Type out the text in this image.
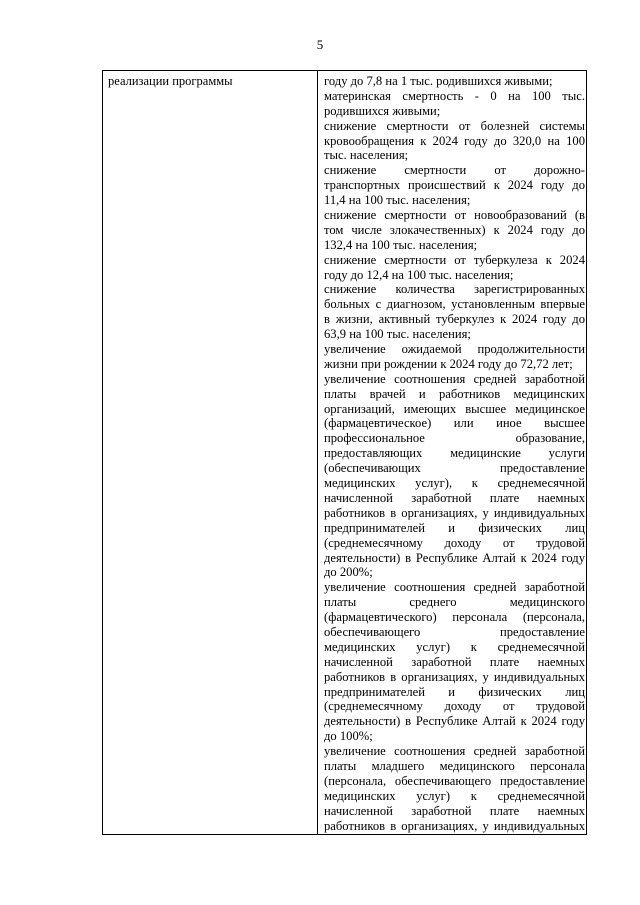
5
реализации программы	году до 7,8 на 1 тыс. родившихся живыми;
материнская смертность - 0 на 100 тыс.
родившихся живыми;
снижение смертности от болезней системы
кровообращения к 2024 году до 320,0 на 100
тыс. населения;
снижение смертности от дорожно-
транспортных происшествий к 2024 году до
11,4 на 100 тыс. населения;
снижение смертности от новообразований (в
том числе злокачественных) к 2024 году до
132,4 на 100 тыс. населения;
снижение смертности от туберкулеза к 2024
году до 12,4 на 100 тыс. населения;
снижение количества зарегистрированных
больных с диагнозом, установленным впервые
в жизни, активный туберкулез к 2024 году до
63,9 на 100 тыс. населения;
увеличение ожидаемой продолжительности
жизни при рождении к 2024 году до 72,72 лет;
увеличение соотношения средней заработной
платы врачей и работников медицинских
организаций, имеющих высшее медицинское
(фармацевтическое) или иное высшее
профессиональное образование,
предоставляющих медицинские услуги
(обеспечивающих предоставление
медицинских услуг), к среднемесячной
начисленной заработной плате наемных
работников в организациях, у индивидуальных
предпринимателей и физических лиц
(среднемесячному доходу от трудовой
деятельности) в Республике Алтай к 2024 году
до 200%;
увеличение соотношения средней заработной
платы среднего медицинского
(фармацевтического) персонала (персонала,
обеспечивающего предоставление
медицинских услуг) к среднемесячной
начисленной заработной плате наемных
работников в организациях, у индивидуальных
предпринимателей и физических лиц
(среднемесячному доходу от трудовой
деятельности) в Республике Алтай к 2024 году
до 100%;
увеличение соотношения средней заработной
платы младшего медицинского персонала
(персонала, обеспечивающего предоставление
медицинских услуг) к среднемесячной
начисленной заработной плате наемных
работников в организациях, у индивидуальных
